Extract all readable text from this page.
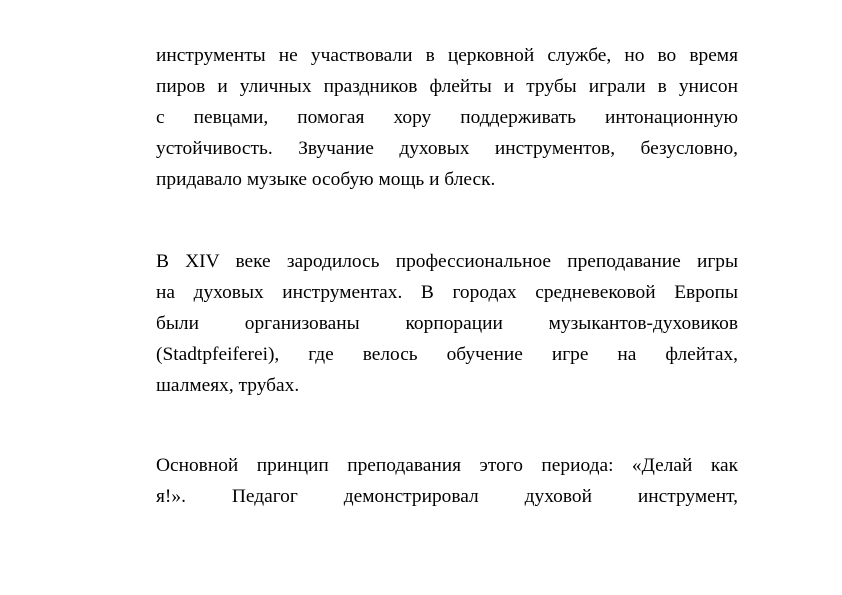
инструменты не участвовали в церковной службе, но во время
пиров и уличных праздников флейты и трубы играли в унисон
с певцами, помогая хору поддерживать интонационную
устойчивость. Звучание духовых инструментов, безусловно,
придавало музыке особую мощь и блеск.
В XIV веке зародилось профессиональное преподавание игры
на духовых инструментах. В городах средневековой Европы
были организованы корпорации музыкантов-духовиков
(Stadtpfeiferei), где велось обучение игре на флейтах,
шалмеях, трубах.
Основной принцип преподавания этого периода: «Делай как
я!». Педагог демонстрировал духовой инструмент,
